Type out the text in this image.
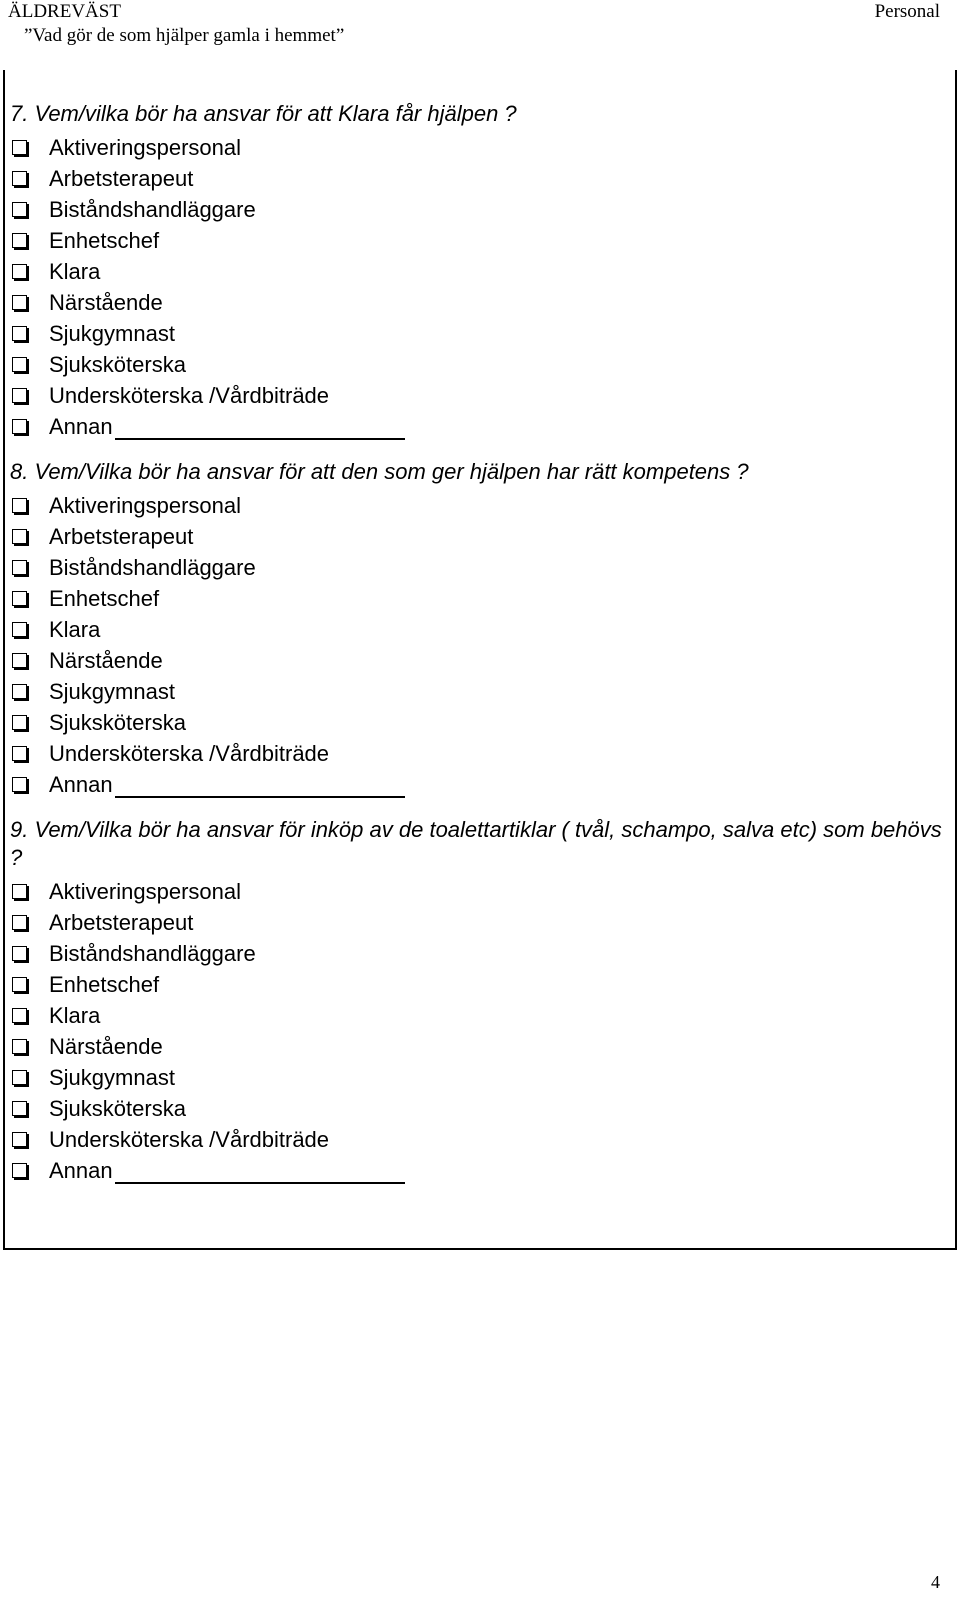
ÄLDREVÄST
”Vad gör de som hjälper gamla i hemmet”
Personal
7. Vem/vilka bör ha ansvar för att Klara får hjälpen ?
Aktiveringspersonal
Arbetsterapeut
Biståndshandläggare
Enhetschef
Klara
Närstående
Sjukgymnast
Sjuksköterska
Undersköterska /Vårdbiträde
Annan
8. Vem/Vilka bör ha ansvar för att den som ger hjälpen har rätt kompetens ?
Aktiveringspersonal
Arbetsterapeut
Biståndshandläggare
Enhetschef
Klara
Närstående
Sjukgymnast
Sjuksköterska
Undersköterska /Vårdbiträde
Annan
9. Vem/Vilka bör ha ansvar för inköp av de toalettartiklar ( tvål, schampo, salva etc) som behövs ?
Aktiveringspersonal
Arbetsterapeut
Biståndshandläggare
Enhetschef
Klara
Närstående
Sjukgymnast
Sjuksköterska
Undersköterska /Vårdbiträde
Annan
4
